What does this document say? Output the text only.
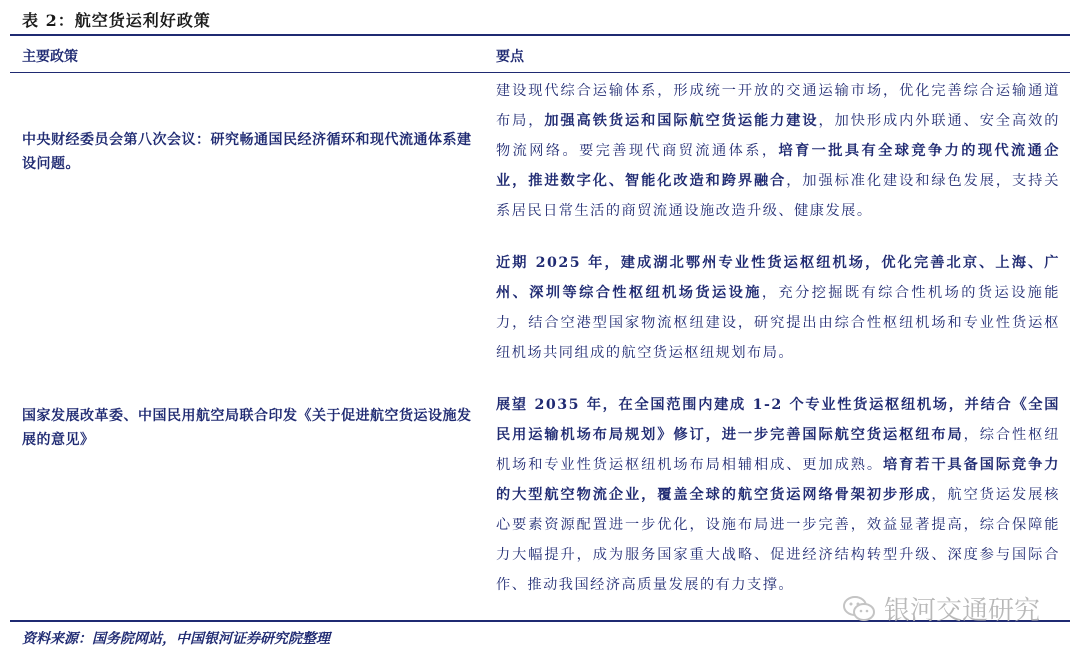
表 2：航空货运利好政策
主要政策	要点
中央财经委员会第八次会议：研究畅通国民经济循环和现代流通体系建设问题。
建设现代综合运输体系，形成统一开放的交通运输市场，优化完善综合运输通道布局，加强高铁货运和国际航空货运能力建设，加快形成内外联通、安全高效的物流网络。要完善现代商贸流通体系，培育一批具有全球竞争力的现代流通企业，推进数字化、智能化改造和跨界融合，加强标准化建设和绿色发展，支持关系居民日常生活的商贸流通设施改造升级、健康发展。
国家发展改革委、中国民用航空局联合印发《关于促进航空货运设施发展的意见》
近期 2025 年，建成湖北鄂州专业性货运枢纽机场，优化完善北京、上海、广州、深圳等综合性枢纽机场货运设施，充分挖掘既有综合性机场的货运设施能力，结合空港型国家物流枢纽建设，研究提出由综合性枢纽机场和专业性货运枢纽机场共同组成的航空货运枢纽规划布局。
展望 2035 年，在全国范围内建成 1-2 个专业性货运枢纽机场，并结合《全国民用运输机场布局规划》修订，进一步完善国际航空货运枢纽布局，综合性枢纽机场和专业性货运枢纽机场布局相辅相成、更加成熟。培育若干具备国际竞争力的大型航空物流企业，覆盖全球的航空货运网络骨架初步形成，航空货运发展核心要素资源配置进一步优化，设施布局进一步完善，效益显著提高，综合保障能力大幅提升，成为服务国家重大战略、促进经济结构转型升级、深度参与国际合作、推动我国经济高质量发展的有力支撑。
资料来源：国务院网站，中国银河证券研究院整理
银河交通研究
